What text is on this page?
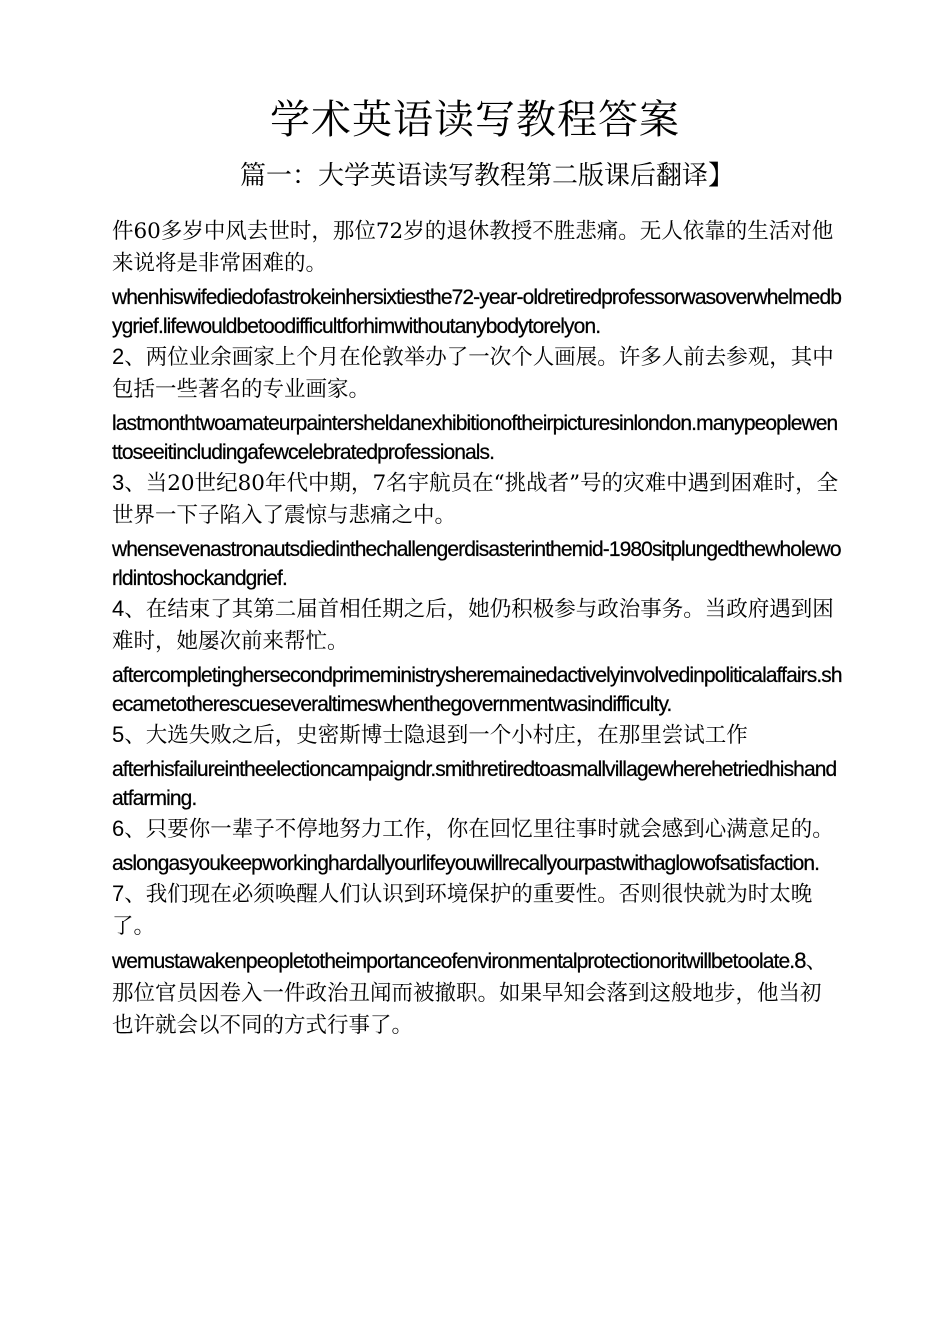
学术英语读写教程答案
篇一：大学英语读写教程第二版课后翻译】

件60多岁中风去世时，那位72岁的退休教授不胜悲痛。无人依靠的生活对他来说将是非常困难的。

whenhiswifediedofastrokeinhersixtiesthe72-year-oldretiredprofessorwasoverwhelmedbygrief.lifewouldbetoodifficultforhimwithoutanybodytorelyon.

2、两位业余画家上个月在伦敦举办了一次个人画展。许多人前去参观，其中包括一些著名的专业画家。

lastmonthtwoamateurpaintersheldanexhibitionoftheirpicturesinlondon.manypeoplewenttoseeitincludingafewcelebratedprofessionals.

3、当20世纪80年代中期，7名宇航员在“挑战者”号的灾难中遇到困难时，全世界一下子陷入了震惊与悲痛之中。

whensevenastronautsdiedinthechallengerdisasterinthemid-1980sitplungedthewholeworldintoshockandgrief.

4、在结束了其第二届首相任期之后，她仍积极参与政治事务。当政府遇到困难时，她屡次前来帮忙。

aftercompletinghersecondprimeministrysheremainedactivelyinvolvedinpoliticalaffairs.shecametotherescueseveraltimeswhenthegovernmentwasindifficulty.

5、大选失败之后，史密斯博士隐退到一个小村庄，在那里尝试工作

afterhisfailureintheelectioncampaigndr.smithretiredtoasmallvillagewherehetriedhishandatfarming.

6、只要你一辈子不停地努力工作，你在回忆里往事时就会感到心满意足的。

aslongasyoukeepworkinghardallyourlifeyouwillrecallyourpastwithaglowofsatisfaction.

7、我们现在必须唤醒人们认识到环境保护的重要性。否则很快就为时太晚了。

wemustawakenpeopletotheimportanceofenvironmentalprotectionoritwillbetoolate.8、那位官员因卷入一件政治丑闻而被撤职。如果早知会落到这般地步，他当初也许就会以不同的方式行事了。
